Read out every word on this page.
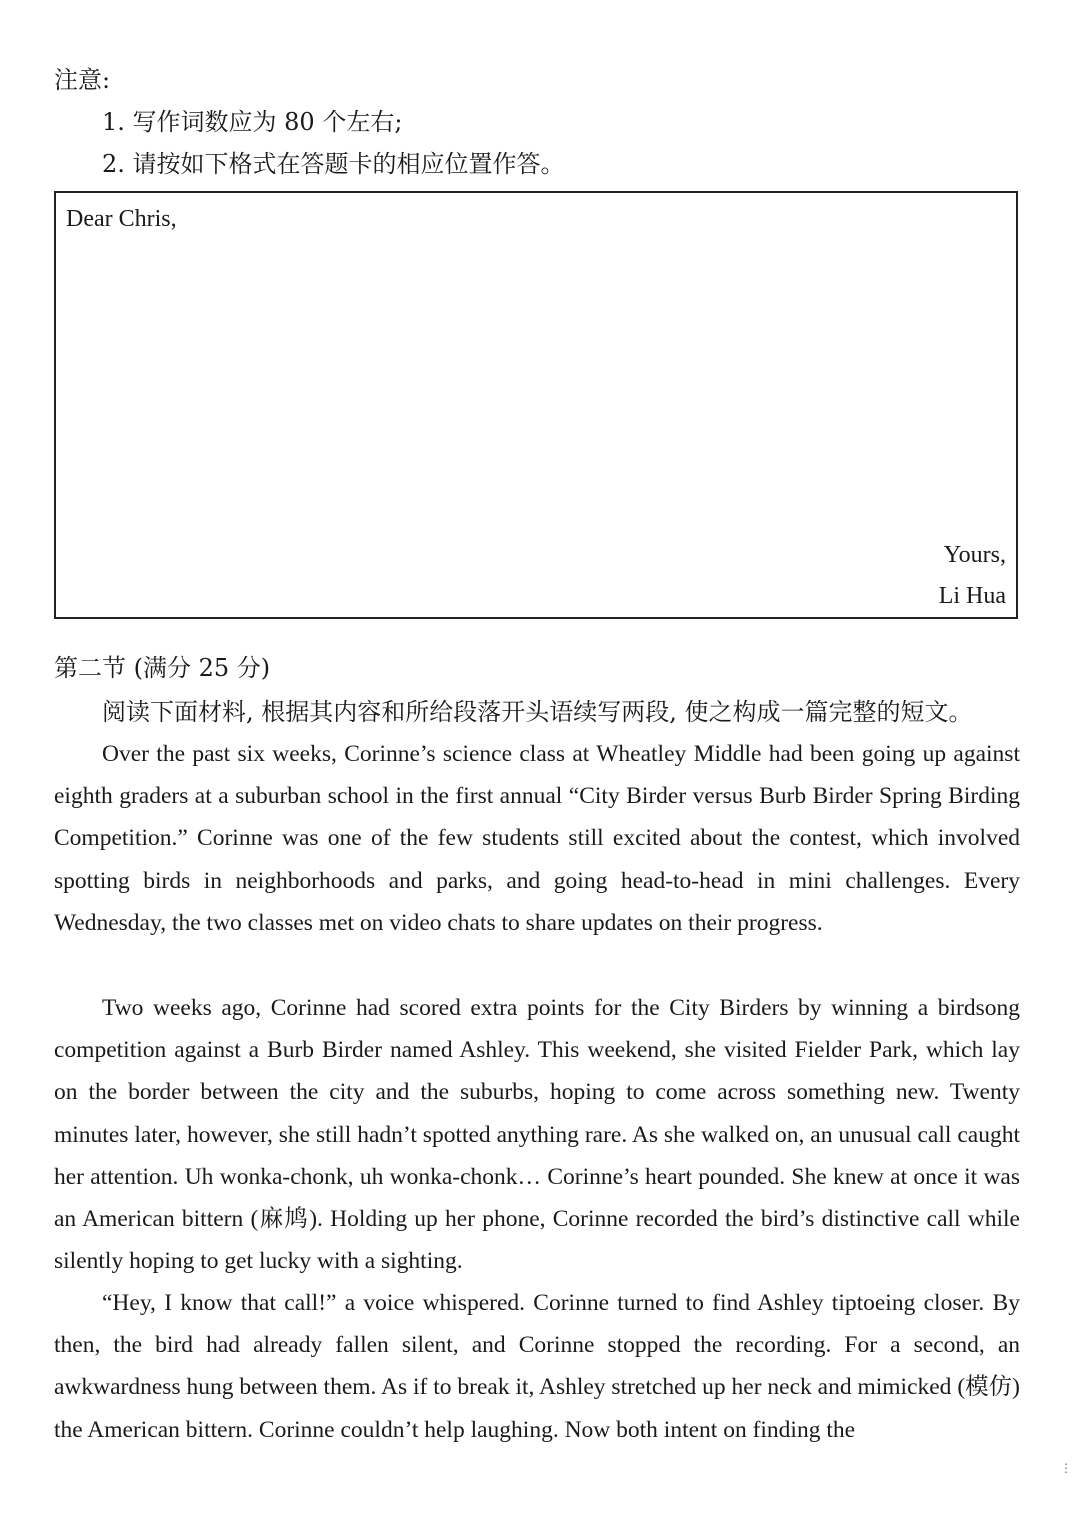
注意:
1. 写作词数应为 80 个左右;
2. 请按如下格式在答题卡的相应位置作答。
Dear Chris,
Yours,
Li Hua
第二节 (满分 25 分)
阅读下面材料, 根据其内容和所给段落开头语续写两段, 使之构成一篇完整的短文。

Over the past six weeks, Corinne’s science class at Wheatley Middle had been going up against eighth graders at a suburban school in the first annual “City Birder versus Burb Birder Spring Birding Competition.” Corinne was one of the few students still excited about the contest, which involved spotting birds in neighborhoods and parks, and going head-to-head in mini challenges. Every Wednesday, the two classes met on video chats to share updates on their progress.

Two weeks ago, Corinne had scored extra points for the City Birders by winning a birdsong competition against a Burb Birder named Ashley. This weekend, she visited Fielder Park, which lay on the border between the city and the suburbs, hoping to come across something new. Twenty minutes later, however, she still hadn’t spotted anything rare. As she walked on, an unusual call caught her attention. Uh wonka-chonk, uh wonka-chonk… Corinne’s heart pounded. She knew at once it was an American bittern (麻鸠). Holding up her phone, Corinne recorded the bird’s distinctive call while silently hoping to get lucky with a sighting.

“Hey, I know that call!” a voice whispered. Corinne turned to find Ashley tiptoeing closer. By then, the bird had already fallen silent, and Corinne stopped the recording. For a second, an awkwardness hung between them. As if to break it, Ashley stretched up her neck and mimicked (模仿) the American bittern. Corinne couldn’t help laughing. Now both intent on finding the

⋮
